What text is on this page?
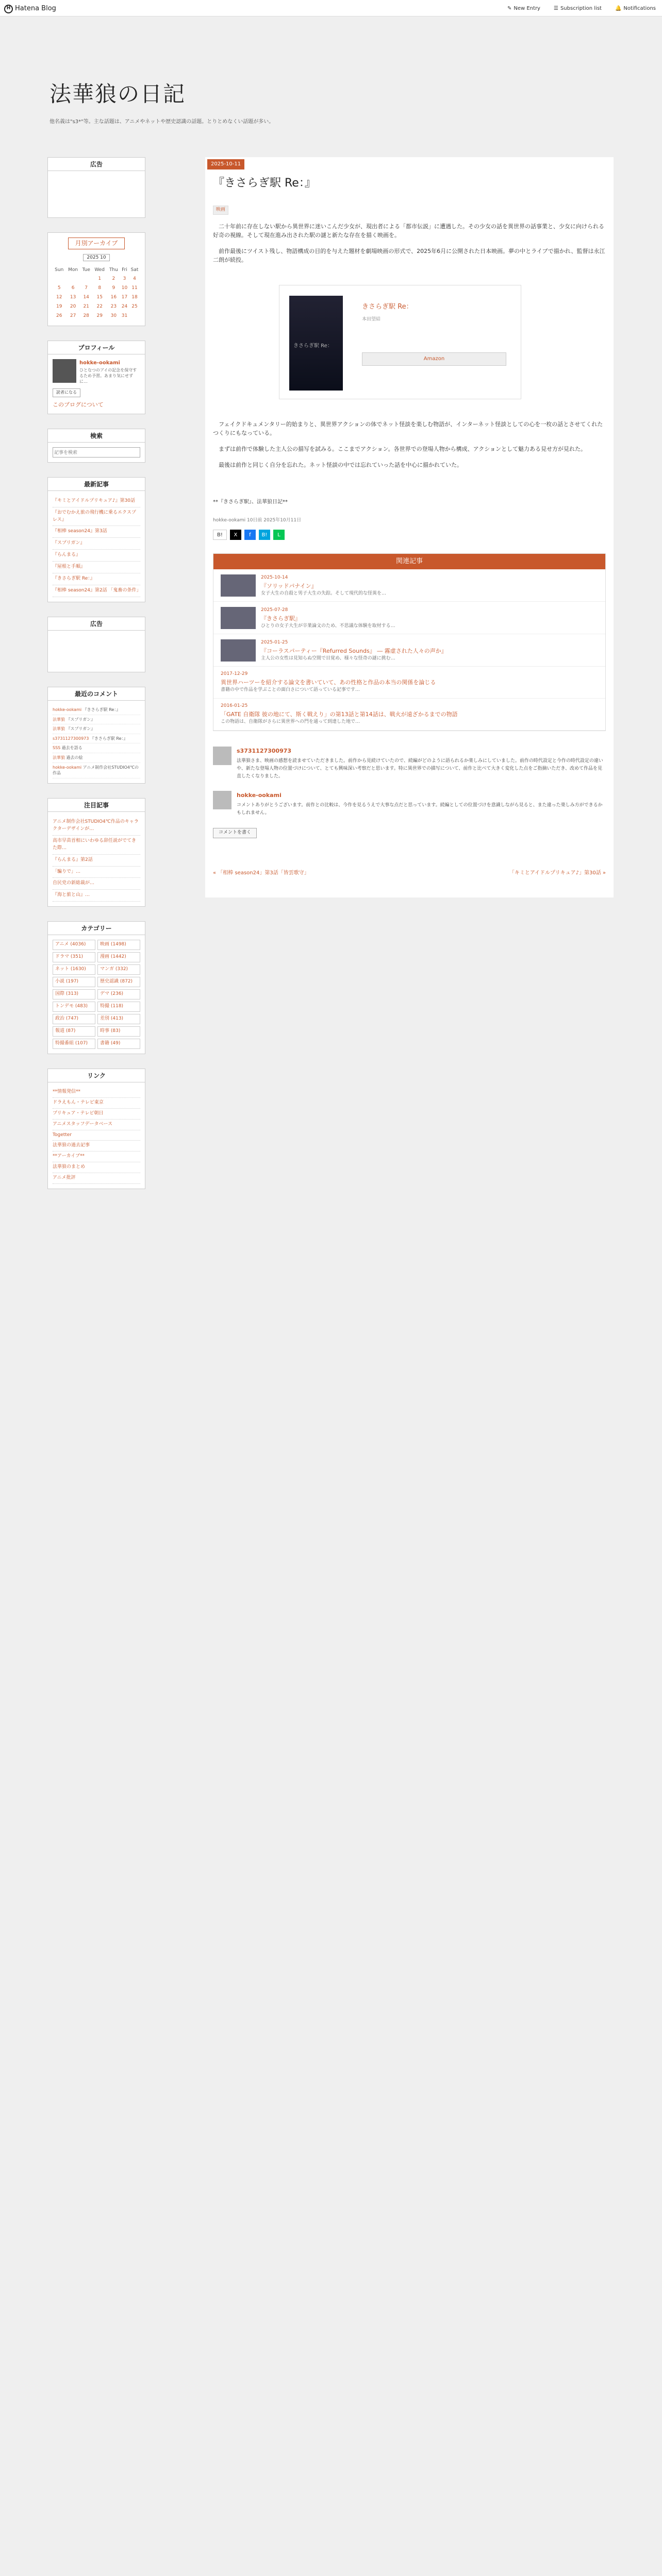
H Hatena Blog	✎ New Entry	☰ Subscription list	🔔 Notifications
法華狼の日記
他名義は"s3*"等。主な話題は、アニメやネットや歴史認識の話題。とりとめなくい話題が多い。
広告
月別アーカイブ
2025 10
Sun	Mon	Tue	Wed	Thu	Fri	Sat
			1	2	3	4
5	6	7	8	9	10	11
12	13	14	15	16	17	18
19	20	21	22	23	24	25
26	27	28	29	30	31	
プロフィール
hokke-ookami
ひとなつのアイの記念を保守するため予習。あまり気にせずに…
読者になる
このブログについて
検索
記事を検索
最新記事
『キミとアイドルプリキュア♪』第30話
『おでむかえ旅の飛行機に乗るエクスプレス』
『相棒 season24』第3話
『スプリガン』
『らんまる』
『屋根と手順』
『きさらぎ駅 Re：』
『相棒 season24』第2話 「鬼畜の条件」
広告
最近のコメント
hokke-ookami 『きさらぎ駅 Re：』
法華狼 『スプリガン』
法華狼 『スプリガン』
s3731127300973 『きさらぎ駅 Re：』
SSS 過去を語る
法華狼 過去の絵
hokke-ookami アニメ制作会社STUDIO4℃の作品
注目記事
アニメ制作会社STUDIO4℃作品のキャラクターデザインが…
高市早苗首相にいわゆる辞任説がでてきた際…
『らんまる』第2話
「騙りで」…
自民党の新総裁が…
『海と旅と山』…
カテゴリー
アニメ (4036)	映画 (1498)
ドラマ (351)	漫画 (1442)
ネット (1630)	マンガ (332)
小説 (197)	歴史認識 (872)
国際 (313)	デマ (236)
トンデモ (483)	特撮 (118)
政治 (747)	差別 (413)
報道 (87)	時事 (83)
特撮番組 (107)	書籍 (49)
リンク
**情報発信**
ドラえもん・テレビ東京
プリキュア・テレビ朝日
アニメスタッフデータベース
Togetter
法華狼の過去記事
**アーカイブ**
法華狼のまとめ
アニメ批評
2025-10-11
『きさらぎ駅 Re：』
映画
二十年前に存在しない駅から異世界に迷いこんだ少女が、現出者による「都市伝説」に遭遇した。その少女の話を異世界の話事業と、少女に向けられる好奇の視線。そして現在進み出された駅の謎と新たな存在を描く映画を。
前作最後にツイスト残し、物語構成の目的を与えた題材を劇場映画の形式で、2025年6月に公開された日本映画。夢の中とライブで描かれ、監督は永江二朗が続投。
きさらぎ駅 Re：
きさらぎ駅 Re：
本田望結
Amazon
フェイクドキュメンタリー的始まりと、異世界アクションの体でネット怪談を楽しむ物語が、インターネット怪談としての心を一枚の話とさせてくれたつくりにもなっている。
まずは前作で体験した主人公の描写を試みる。ここまでアクション。各世界での登場人物から構成、アクションとして魅力ある見せ方が見れた。
最後は前作と同じく自分を忘れた。ネット怪談の中では忘れていった話を中心に描かれていた。
**『きさらぎ駅』、法華狼日記**
hokke-ookami 10日前 2025年10月11日
B!	X	f	B!	L
関連記事
2025-10-14
『ソリッドパナイン』
女子大生の自殺と男子大生の失踪。そして現代的な怪異を…
2025-07-28
『きさらぎ駅』
ひとりの女子大生が卒業論文のため、不思議な体験を取材する…
2025-01-25
『コーラスパーティー『Refurred Sounds』 ― 霧虚された人々の声か』
主人公の女性は見知らぬ空間で目覚め、様々な怪奇の謎に挑む…
2017-12-29
異世界ハーツーを紹介する論文を書いていて、あの性格と作品の本当の関係を論じる
書籍の中で作品を学ぶことの面白さについて語っている記事です…
2016-01-25
「GATE 自衛隊 彼の地にて、斯く戦えり」の第13話と第14話は、戦火が遠ざかるまでの物語
この物語は、自衛隊がさらに異世界への門を通って到達した地で…
s3731127300973
法華狼さま、映画の感想を読ませていただきました。前作から見続けていたので、続編がどのように語られるか楽しみにしていました。前作の時代設定と今作の時代設定の違いや、新たな登場人物の位置づけについて、とても興味深い考察だと思います。特に異世界での描写について、前作と比べて大きく変化した点をご指摘いただき、改めて作品を見直したくなりました。
hokke-ookami
コメントありがとうございます。前作との比較は、今作を見るうえで大事な点だと思っています。続編としての位置づけを意識しながら見ると、また違った楽しみ方ができるかもしれません。
コメントを書く
« 「相棒 season24」第3話「皆雲歌守」	「キミとアイドルプリキュア♪」第30話 »
